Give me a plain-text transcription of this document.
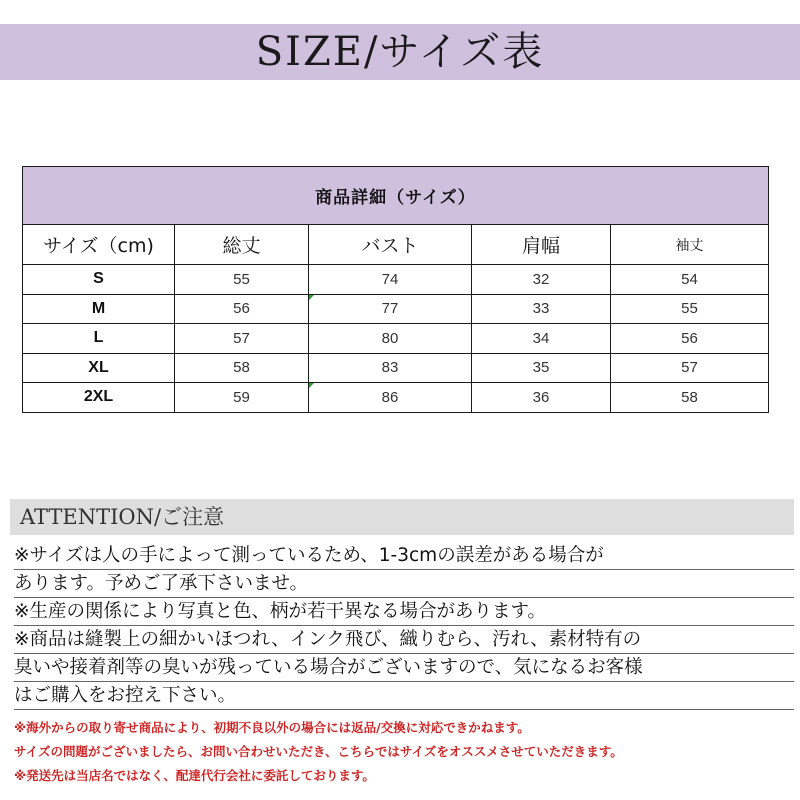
SIZE/サイズ表
商品詳細（サイズ）				
サイズ（cm)	総丈	バスト	肩幅	袖丈
S	55	74	32	54
M	56	77	33	55
L	57	80	34	56
XL	58	83	35	57
2XL	59	86	36	58
ATTENTION/ご注意
※サイズは人の手によって測っているため、1-3cmの誤差がある場合が
あります。予めご了承下さいませ。
※生産の関係により写真と色、柄が若干異なる場合があります。
※商品は縫製上の細かいほつれ、インク飛び、織りむら、汚れ、素材特有の
臭いや接着剤等の臭いが残っている場合がございますので、気になるお客様
はご購入をお控え下さい。
※海外からの取り寄せ商品により、初期不良以外の場合には返品/交換に対応できかねます。
サイズの問題がございましたら、お問い合わせいただき、こちらではサイズをオススメさせていただきます。
※発送先は当店名ではなく、配達代行会社に委託しております。
